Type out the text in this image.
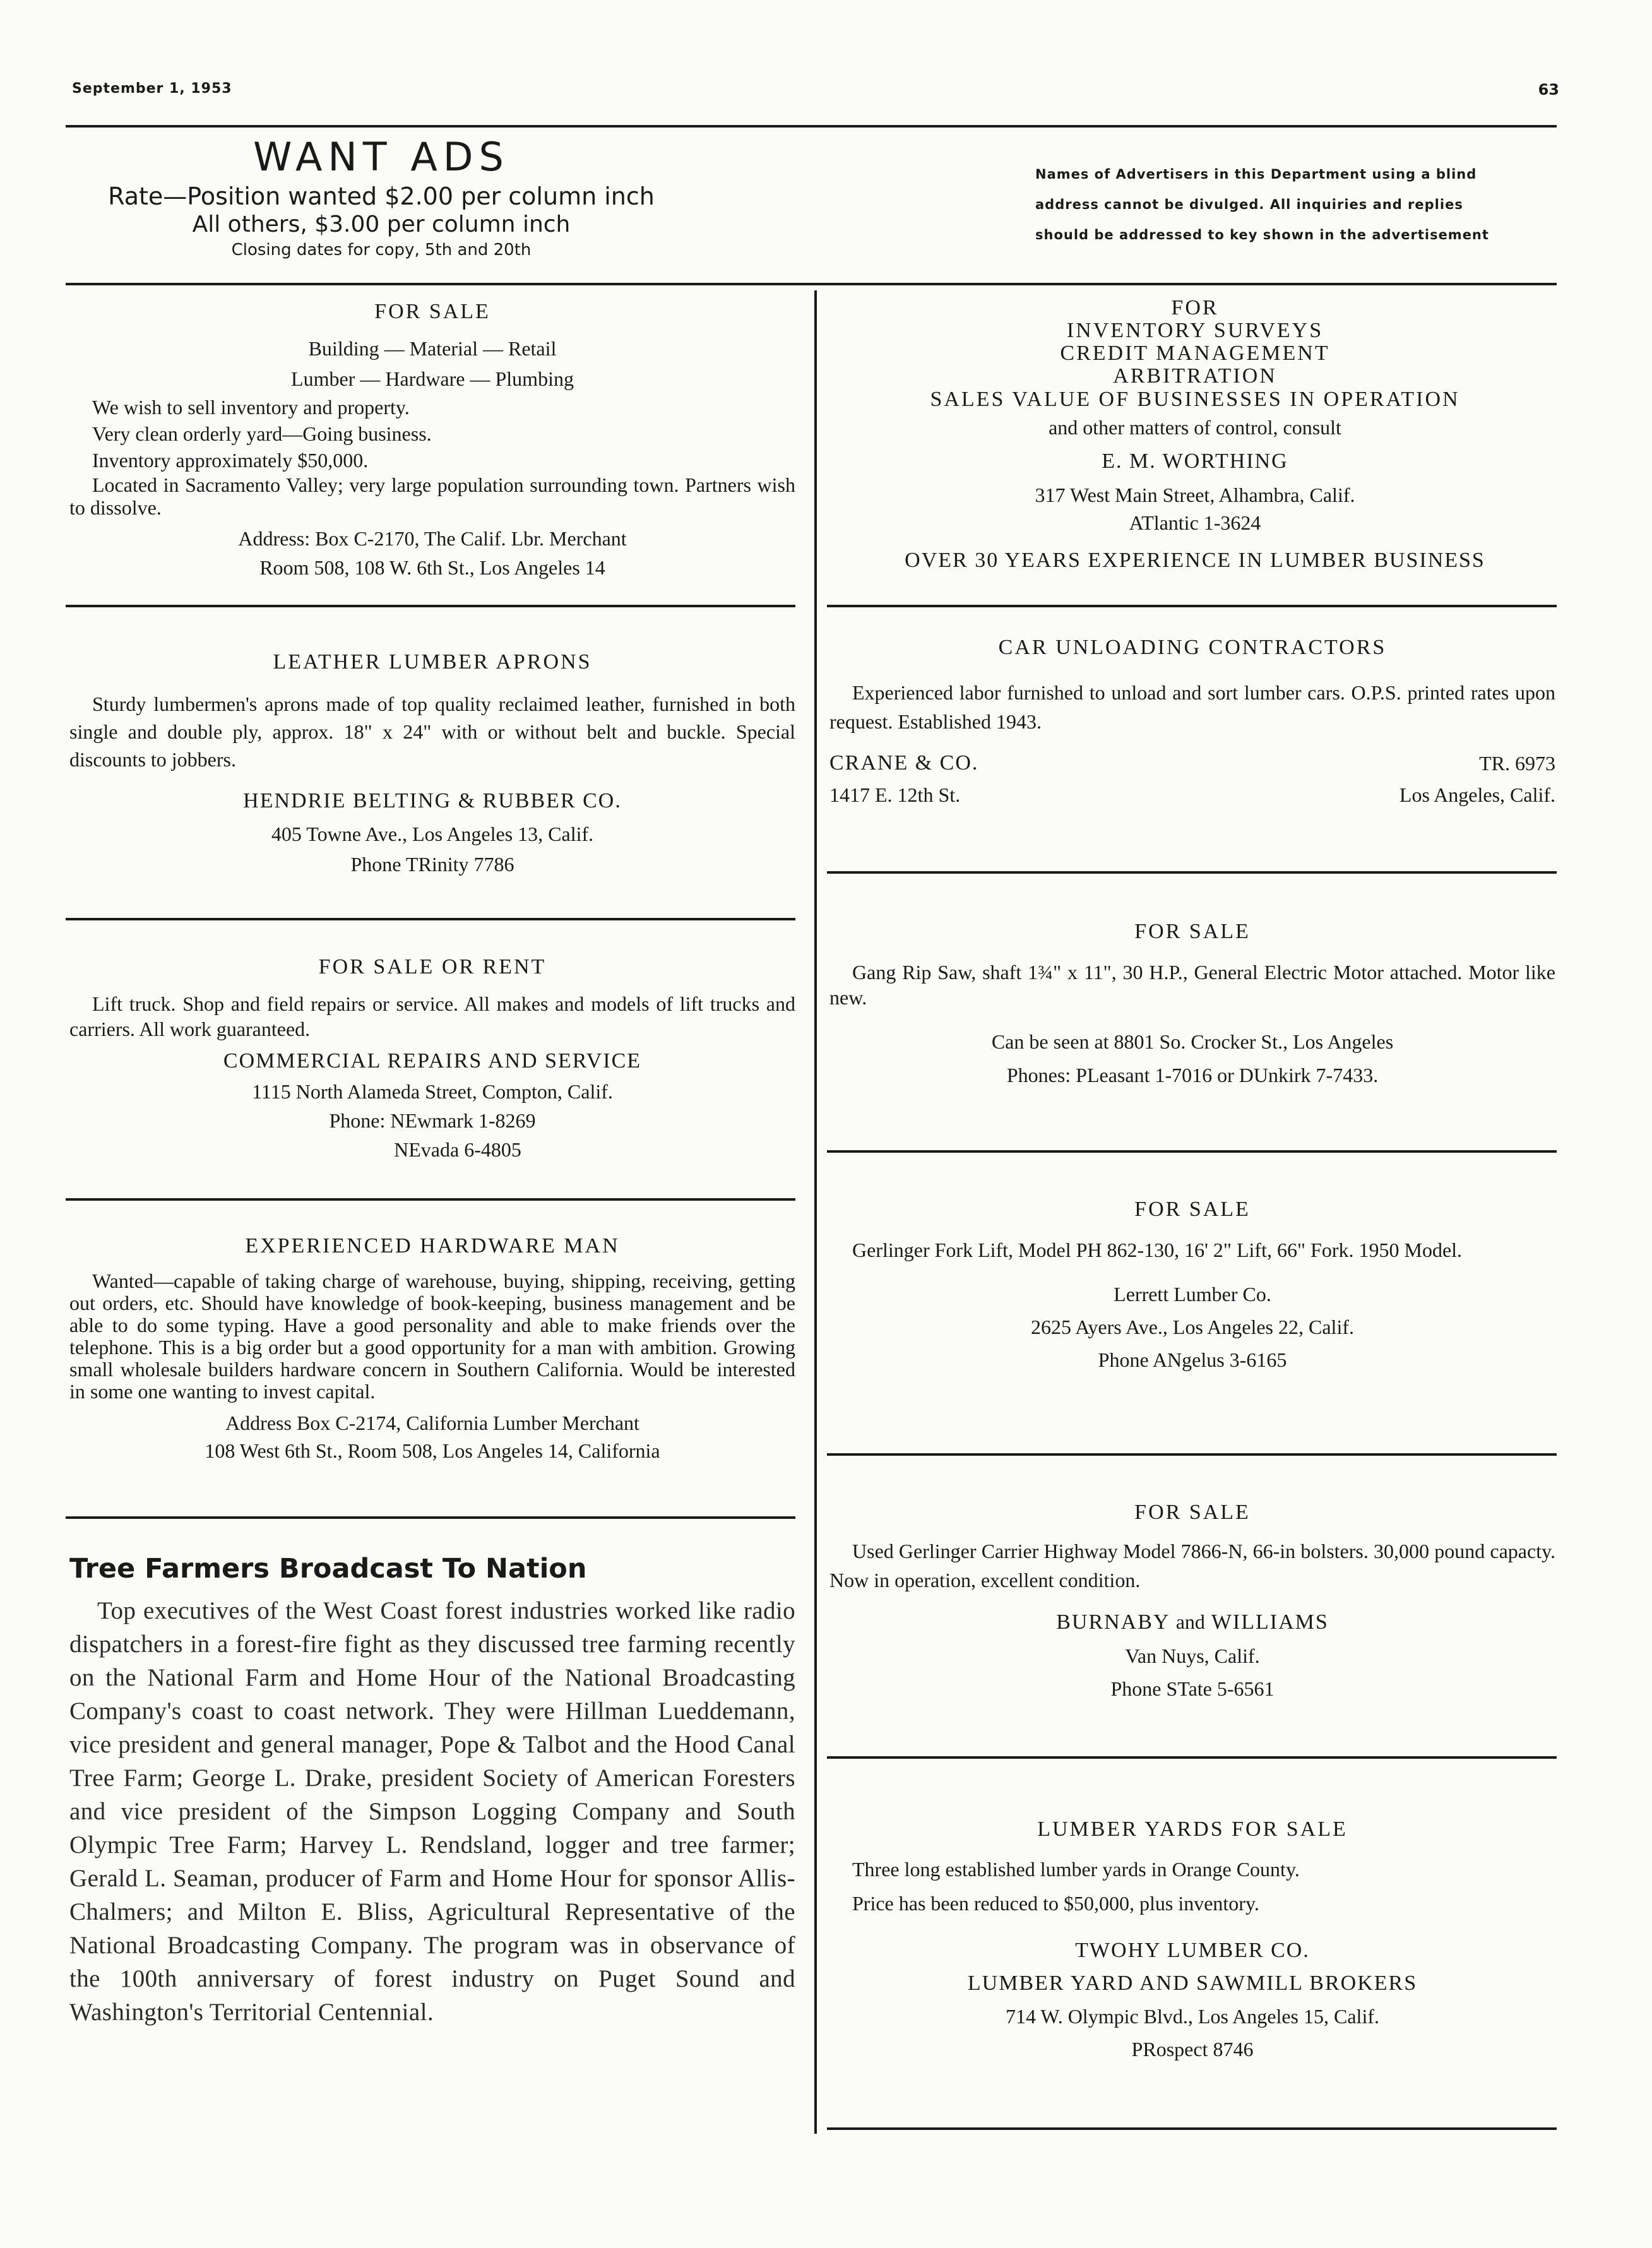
September 1, 1953	63
WANT ADS
Rate—Position wanted $2.00 per column inch
All others, $3.00 per column inch
Closing dates for copy, 5th and 20th
Names of Advertisers in this Department using a blind
address cannot be divulged. All inquiries and replies
should be addressed to key shown in the advertisement

FOR SALE

Building — Material — Retail

Lumber — Hardware — Plumbing

We wish to sell inventory and property.

Very clean orderly yard—Going business.

Inventory approximately $50,000.

Located in Sacramento Valley; very large population surrounding town. Partners wish to dissolve.

Address: Box C-2170, The Calif. Lbr. Merchant

Room 508, 108 W. 6th St., Los Angeles 14

LEATHER LUMBER APRONS

Sturdy lumbermen's aprons made of top quality reclaimed leather, furnished in both single and double ply, approx. 18" x 24" with or without belt and buckle. Special discounts to jobbers.

HENDRIE BELTING & RUBBER CO.

405 Towne Ave., Los Angeles 13, Calif.

Phone TRinity 7786

FOR SALE OR RENT

Lift truck. Shop and field repairs or service. All makes and models of lift trucks and carriers. All work guaranteed.

COMMERCIAL REPAIRS AND SERVICE

1115 North Alameda Street, Compton, Calif.

Phone: NEwmark 1-8269

NEvada 6-4805

EXPERIENCED HARDWARE MAN

Wanted—capable of taking charge of warehouse, buying, shipping, receiving, getting out orders, etc. Should have knowledge of book-keeping, business management and be able to do some typing. Have a good personality and able to make friends over the telephone. This is a big order but a good opportunity for a man with ambition. Growing small wholesale builders hardware concern in Southern California. Would be interested in some one wanting to invest capital.

Address Box C-2174, California Lumber Merchant

108 West 6th St., Room 508, Los Angeles 14, California

Tree Farmers Broadcast To Nation

Top executives of the West Coast forest industries worked like radio dispatchers in a forest-fire fight as they discussed tree farming recently on the National Farm and Home Hour of the National Broadcasting Company's coast to coast network. They were Hillman Lueddemann, vice president and general manager, Pope & Talbot and the Hood Canal Tree Farm; George L. Drake, president Society of American Foresters and vice president of the Simpson Logging Company and South Olympic Tree Farm; Harvey L. Rendsland, logger and tree farmer; Gerald L. Seaman, producer of Farm and Home Hour for sponsor Allis-Chalmers; and Milton E. Bliss, Agricultural Representative of the National Broadcasting Company. The program was in observance of the 100th anniversary of forest industry on Puget Sound and Washington's Territorial Centennial.

FOR

INVENTORY SURVEYS

CREDIT MANAGEMENT

ARBITRATION

SALES VALUE OF BUSINESSES IN OPERATION

and other matters of control, consult

E. M. WORTHING

317 West Main Street, Alhambra, Calif.

ATlantic 1-3624

OVER 30 YEARS EXPERIENCE IN LUMBER BUSINESS

CAR UNLOADING CONTRACTORS

Experienced labor furnished to unload and sort lumber cars. O.P.S. printed rates upon request. Established 1943.

CRANE & CO.	TR. 6973
1417 E. 12th St.	Los Angeles, Calif.

FOR SALE

Gang Rip Saw, shaft 1¾" x 11", 30 H.P., General Electric Motor attached. Motor like new.

Can be seen at 8801 So. Crocker St., Los Angeles

Phones: PLeasant 1-7016 or DUnkirk 7-7433.

FOR SALE

Gerlinger Fork Lift, Model PH 862-130, 16' 2" Lift, 66" Fork. 1950 Model.

Lerrett Lumber Co.

2625 Ayers Ave., Los Angeles 22, Calif.

Phone ANgelus 3-6165

FOR SALE

Used Gerlinger Carrier Highway Model 7866-N, 66-in bolsters. 30,000 pound capacty. Now in operation, excellent condition.

BURNABY and WILLIAMS

Van Nuys, Calif.

Phone STate 5-6561

LUMBER YARDS FOR SALE

Three long established lumber yards in Orange County.

Price has been reduced to $50,000, plus inventory.

TWOHY LUMBER CO.

LUMBER YARD AND SAWMILL BROKERS

714 W. Olympic Blvd., Los Angeles 15, Calif.

PRospect 8746
